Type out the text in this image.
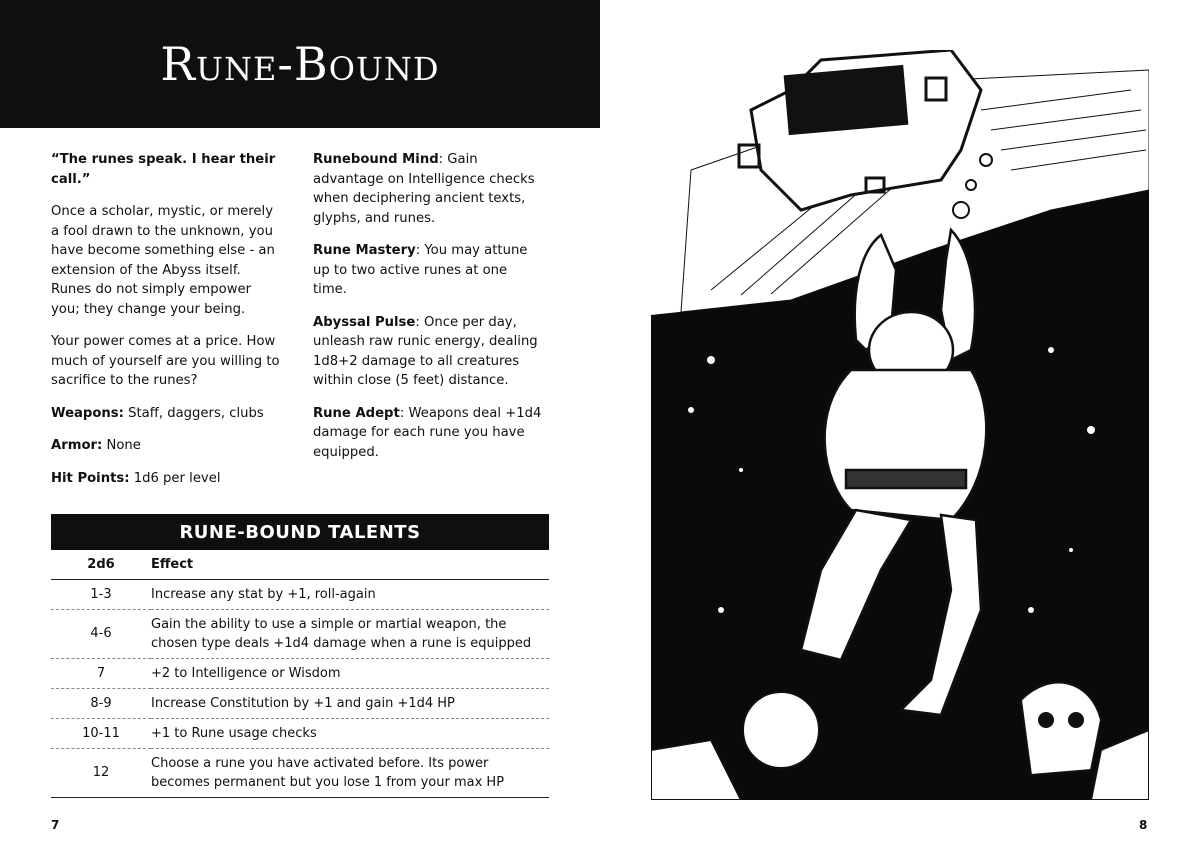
Rune-Bound

“The runes speak. I hear their call.”

Once a scholar, mystic, or merely a fool drawn to the unknown, you have become something else - an extension of the Abyss itself. Runes do not simply empower you; they change your being.

Your power comes at a price. How much of yourself are you willing to sacrifice to the runes?

Weapons: Staff, daggers, clubs

Armor: None

Hit Points: 1d6 per level

Runebound Mind: Gain advantage on Intelligence checks when deciphering ancient texts, glyphs, and runes.

Rune Mastery: You may attune up to two active runes at one time.

Abyssal Pulse: Once per day, unleash raw runic energy, dealing 1d8+2 damage to all creatures within close (5 feet) distance.

Rune Adept: Weapons deal +1d4 damage for each rune you have equipped.

RUNE-BOUND TALENTS
2d6	Effect
1-3	Increase any stat by +1, roll-again
4-6	Gain the ability to use a simple or martial weapon, the chosen type deals +1d4 damage when a rune is equipped
7	+2 to Intelligence or Wisdom
8-9	Increase Constitution by +1 and gain +1d4 HP
10-11	+1 to Rune usage checks
12	Choose a rune you have activated before. Its power becomes permanent but you lose 1 from your max HP
7	8
